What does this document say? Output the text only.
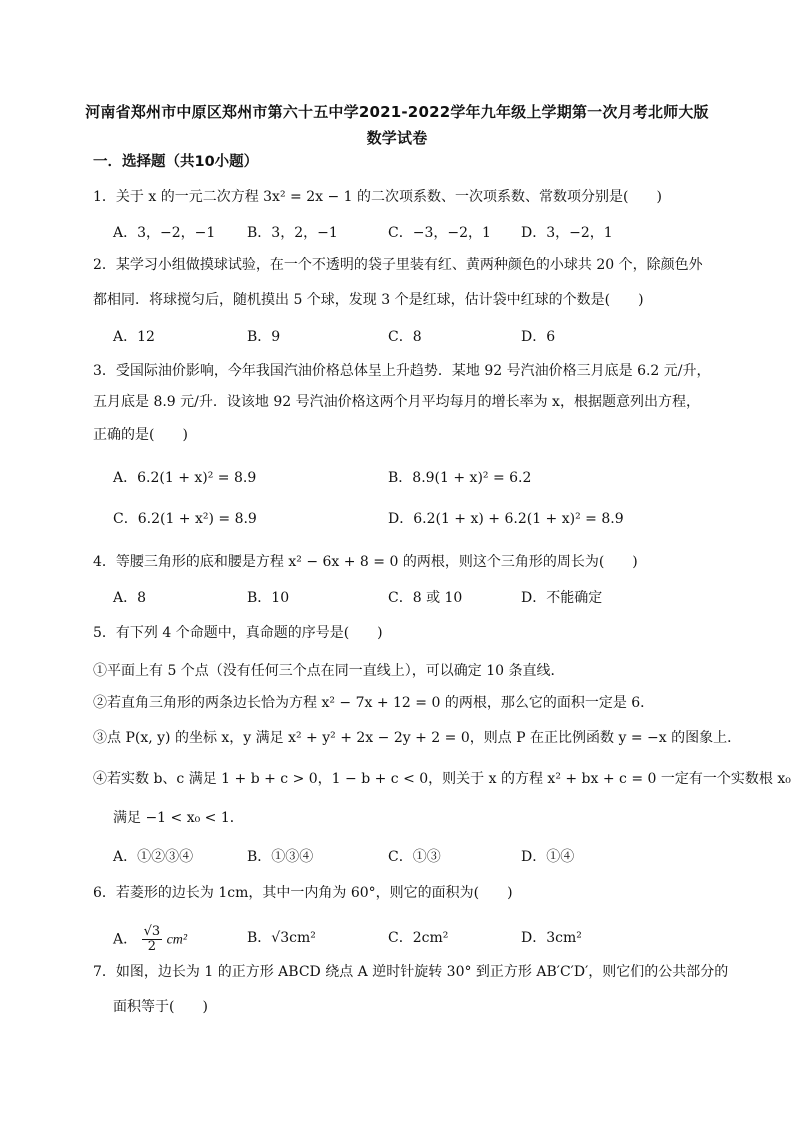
河南省郑州市中原区郑州市第六十五中学2021-2022学年九年级上学期第一次月考北师大版
数学试卷
一．选择题（共10小题）
1．关于 x 的一元二次方程 3x² = 2x − 1 的二次项系数、一次项系数、常数项分别是(　　)
A．3，−2，−1 B．3，2，−1	C．−3，−2，1 D．3，−2，1
2．某学习小组做摸球试验，在一个不透明的袋子里装有红、黄两种颜色的小球共 20 个，除颜色外
都相同．将球搅匀后，随机摸出 5 个球，发现 3 个是红球，估计袋中红球的个数是(　　)
A．12	B．9	C．8	D．6
3．受国际油价影响，今年我国汽油价格总体呈上升趋势．某地 92 号汽油价格三月底是 6.2 元/升，
五月底是 8.9 元/升．设该地 92 号汽油价格这两个月平均每月的增长率为 x，根据题意列出方程，
正确的是(　　)
A．6.2(1 + x)² = 8.9	B．8.9(1 + x)² = 6.2
C．6.2(1 + x²) = 8.9	D．6.2(1 + x) + 6.2(1 + x)² = 8.9
4．等腰三角形的底和腰是方程 x² − 6x + 8 = 0 的两根，则这个三角形的周长为(　　)
A．8	B．10	C．8 或 10	D．不能确定
5．有下列 4 个命题中，真命题的序号是(　　)
①平面上有 5 个点（没有任何三个点在同一直线上），可以确定 10 条直线．
②若直角三角形的两条边长恰为方程 x² − 7x + 12 = 0 的两根，那么它的面积一定是 6．
③点 P(x, y) 的坐标 x，y 满足 x² + y² + 2x − 2y + 2 = 0，则点 P 在正比例函数 y = −x 的图象上．
④若实数 b、c 满足 1 + b + c > 0，1 − b + c < 0，则关于 x 的方程 x² + bx + c = 0 一定有一个实数根 x₀
满足 −1 < x₀ < 1．
A．①②③④	B．①③④	C．①③	D．①④
6．若菱形的边长为 1cm，其中一内角为 60°，则它的面积为(　　)
A． $\frac{√3}{2} cm^2$	B．√3cm²	C．2cm²	D．3cm²
7．如图，边长为 1 的正方形 ABCD 绕点 A 逆时针旋转 30° 到正方形 AB′C′D′，则它们的公共部分的
面积等于(　　)
